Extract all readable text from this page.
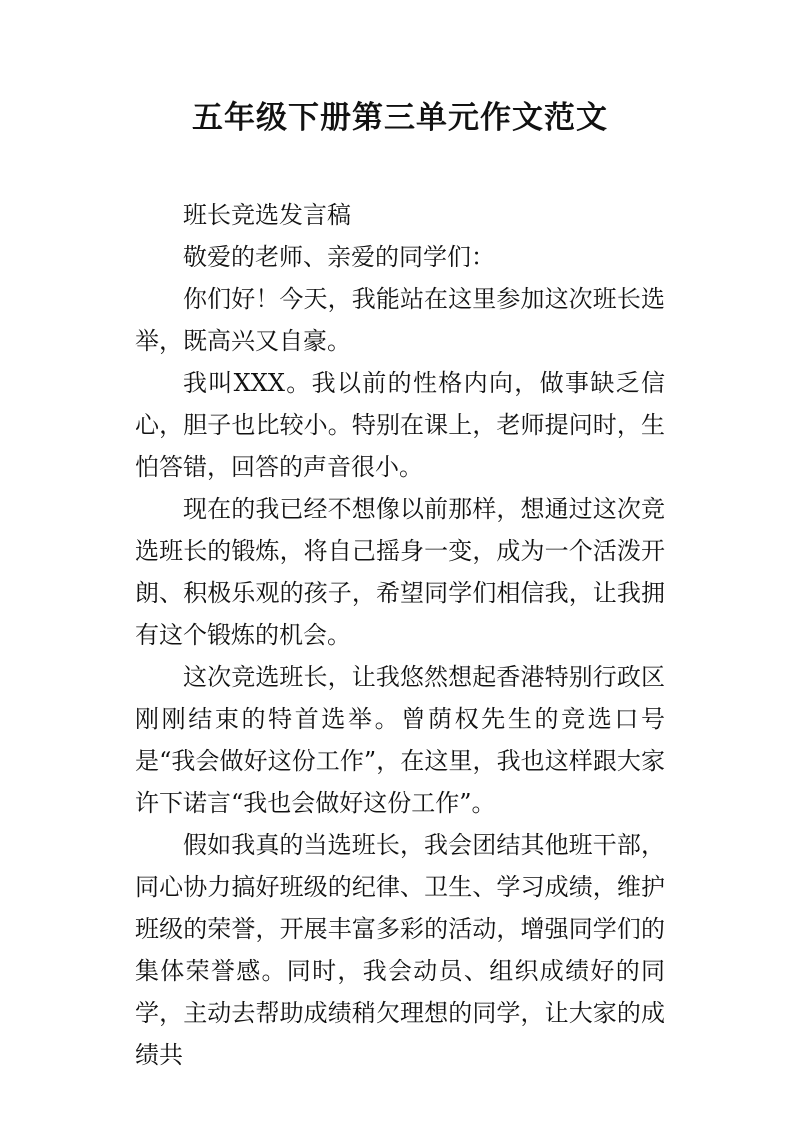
五年级下册第三单元作文范文

班长竞选发言稿

敬爱的老师、亲爱的同学们：

你们好！今天，我能站在这里参加这次班长选举，既高兴又自豪。

我叫XXX。我以前的性格内向，做事缺乏信心，胆子也比较小。特别在课上，老师提问时，生怕答错，回答的声音很小。

现在的我已经不想像以前那样，想通过这次竞选班长的锻炼，将自己摇身一变，成为一个活泼开朗、积极乐观的孩子，希望同学们相信我，让我拥有这个锻炼的机会。

这次竞选班长，让我悠然想起香港特别行政区刚刚结束的特首选举。曾荫权先生的竞选口号是“我会做好这份工作”，在这里，我也这样跟大家许下诺言“我也会做好这份工作”。

假如我真的当选班长，我会团结其他班干部，同心协力搞好班级的纪律、卫生、学习成绩，维护班级的荣誉，开展丰富多彩的活动，增强同学们的集体荣誉感。同时，我会动员、组织成绩好的同学，主动去帮助成绩稍欠理想的同学，让大家的成绩共
